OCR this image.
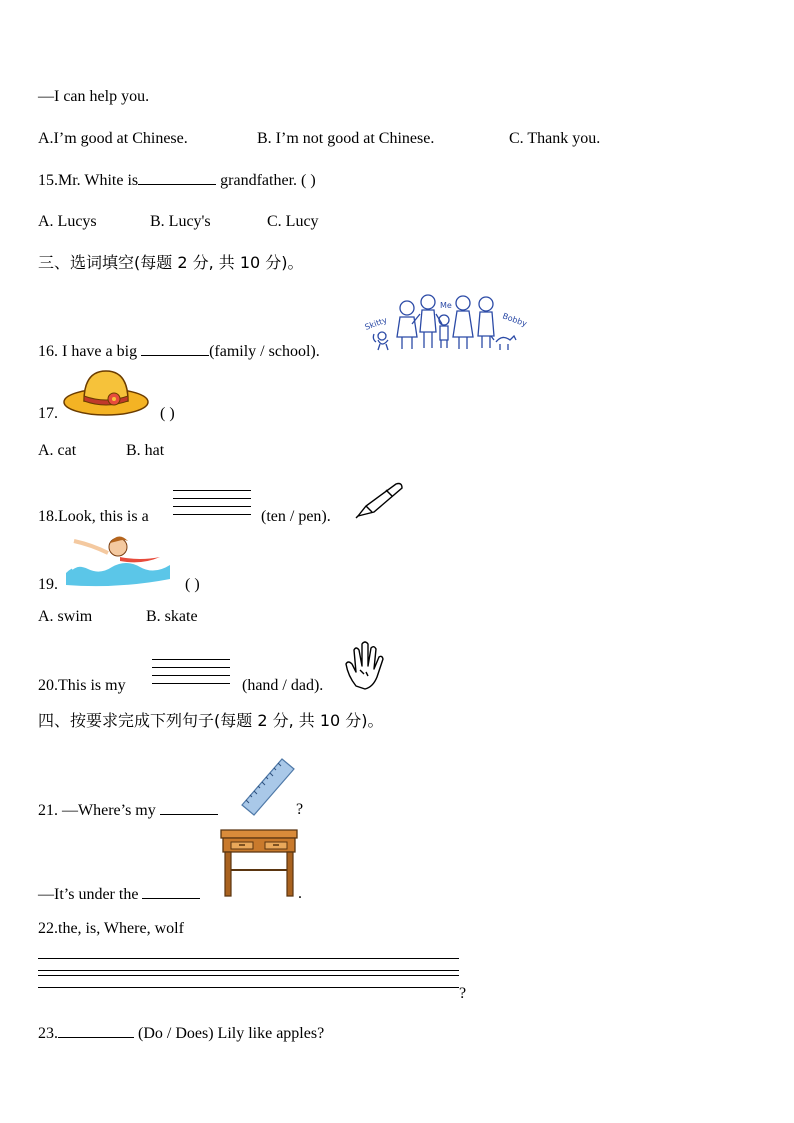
—I can help you.
A.I’m good at Chinese.	B. I’m not good at Chinese.	C. Thank you.
15.Mr. White is	grandfather. ( )
A. Lucys	B. Lucy's	C. Lucy
三、选词填空(每题 2 分, 共 10 分)。
16. I have a big	(family / school).
Skitty
Me
Bobby
17.	( )
A. cat	B. hat
18.Look, this is a	(ten / pen).
19.	( )
A. swim	B. skate
20.This is my	(hand / dad).
四、按要求完成下列句子(每题 2 分, 共 10 分)。
21. —Where’s my	?
—It’s under the	.
22.the, is, Where, wolf
?
23.	(Do / Does) Lily like apples?
